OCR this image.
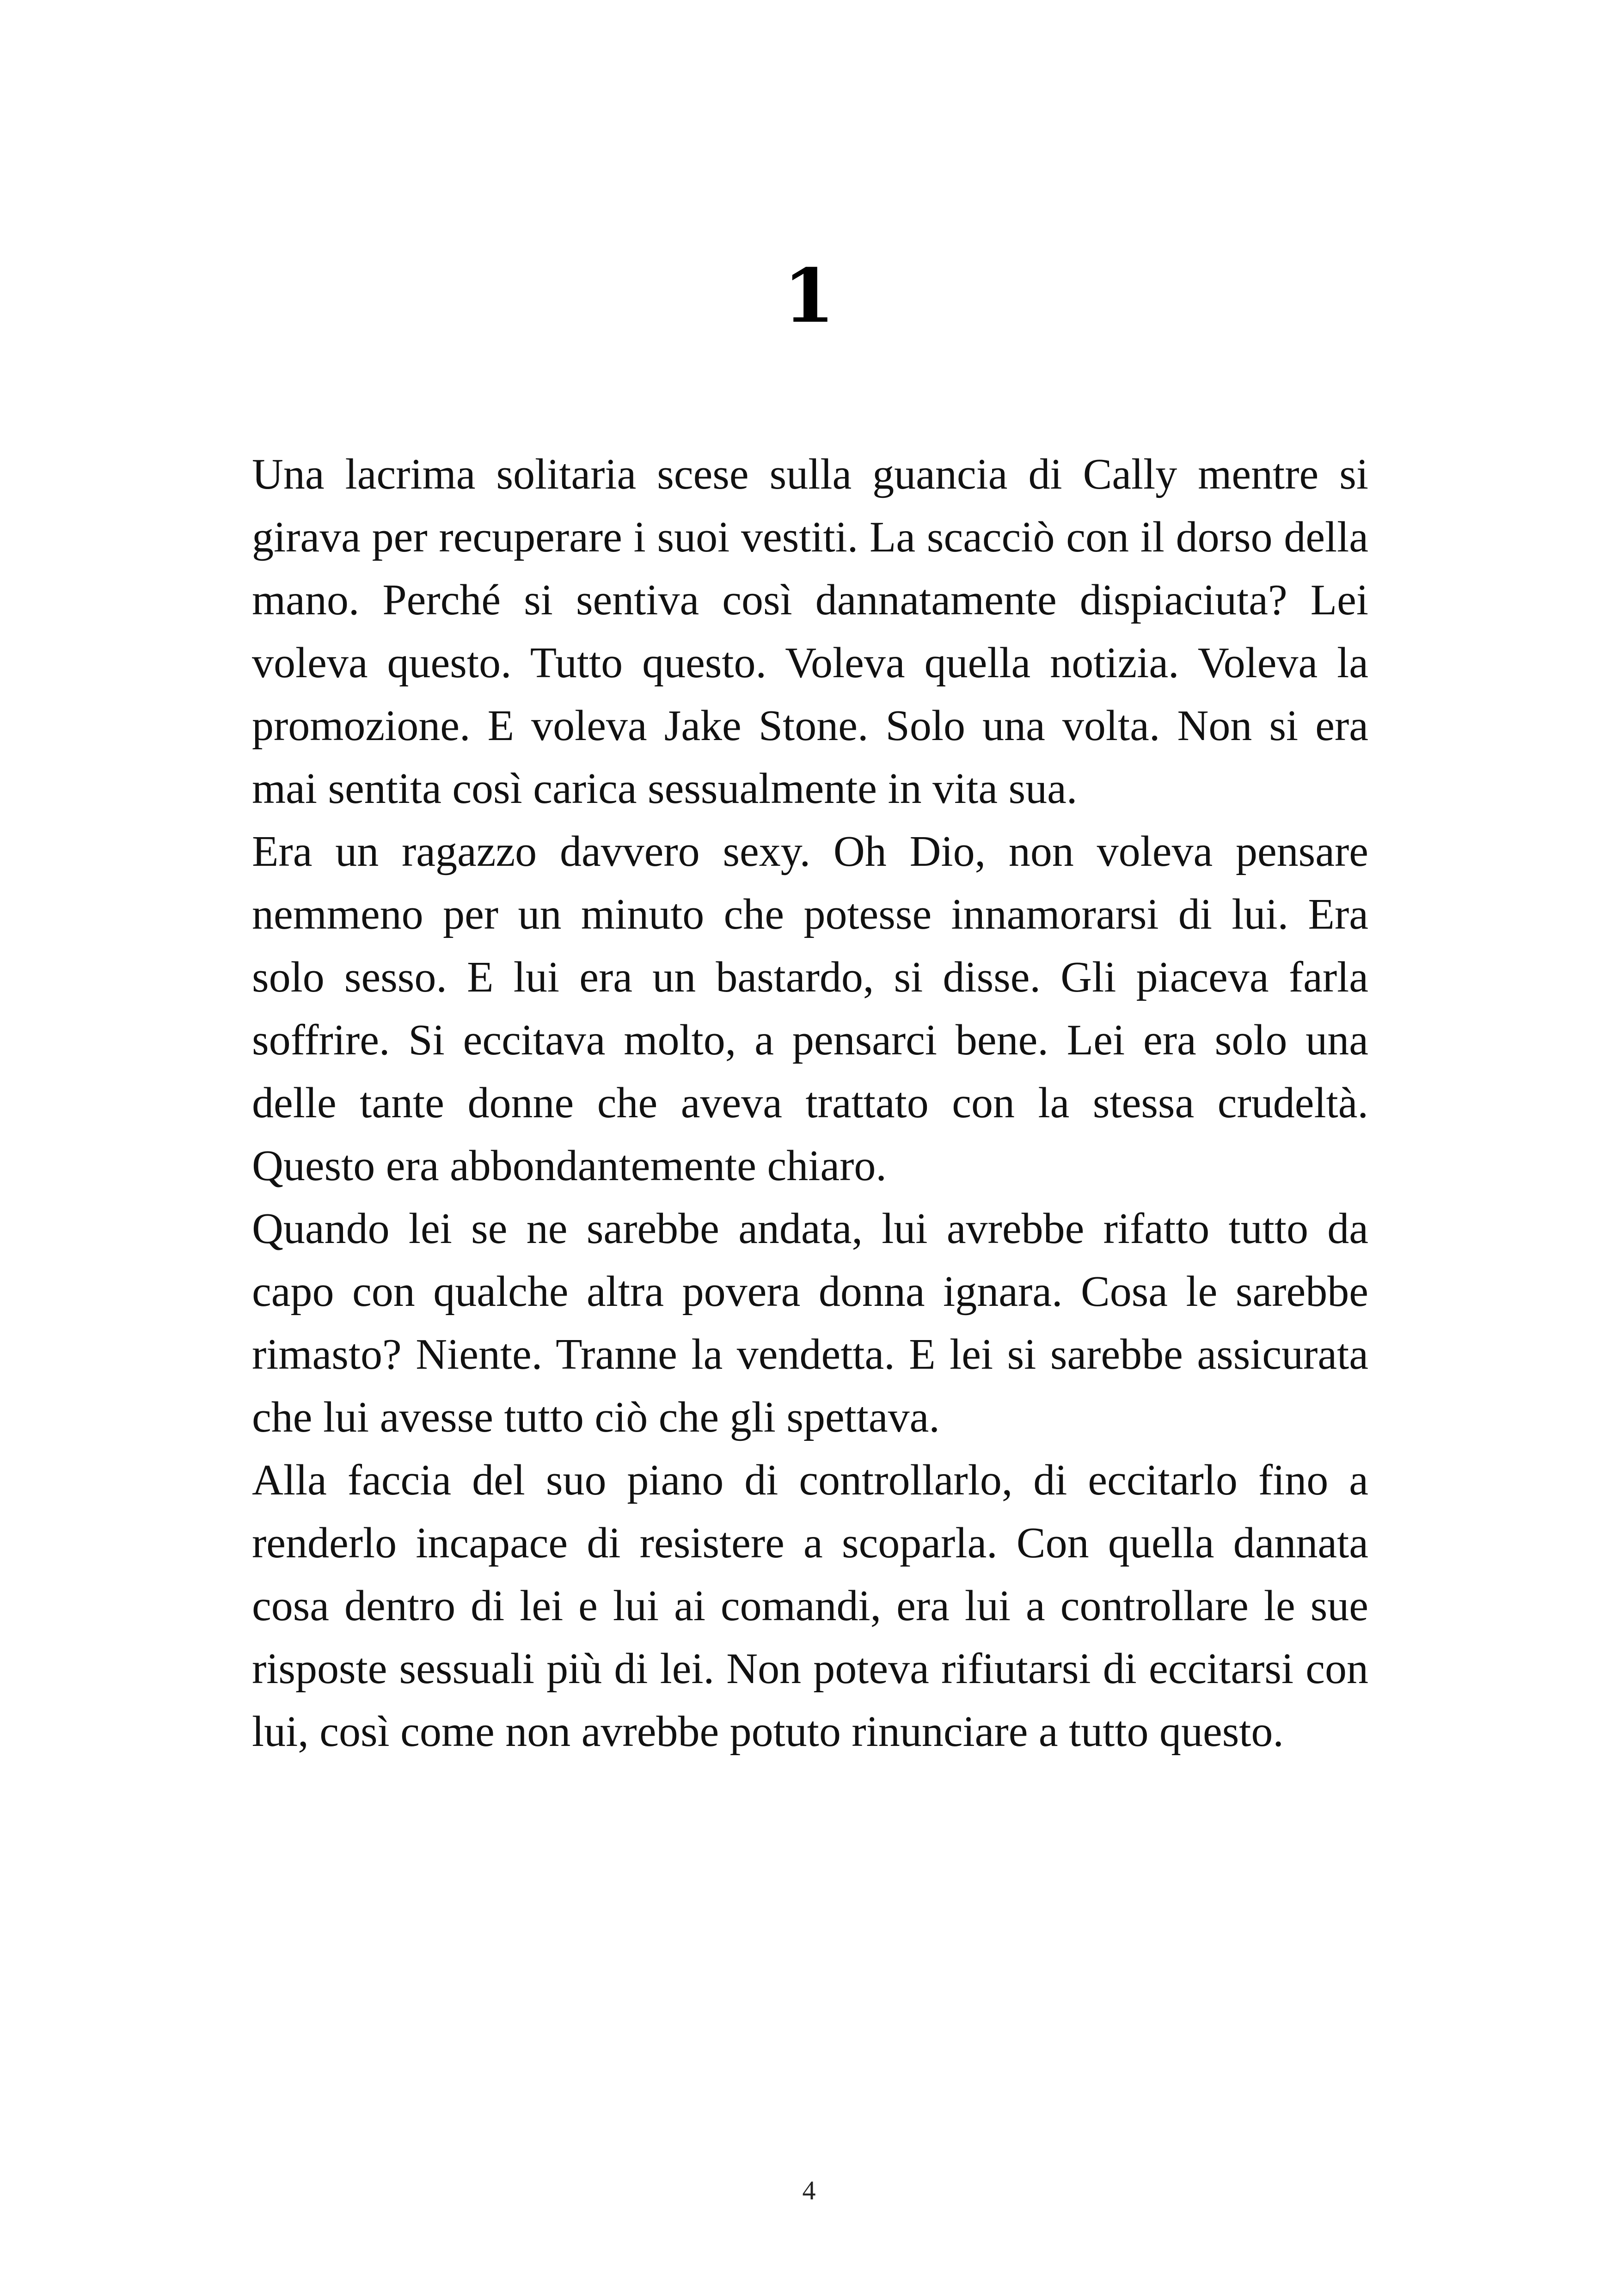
1

Una lacrima solitaria scese sulla guancia di Cally mentre si girava per recuperare i suoi vestiti. La scacciò con il dorso della mano. Perché si sentiva così dannatamente dispiaciuta? Lei voleva questo. Tutto questo. Voleva quella notizia. Voleva la promozione. E voleva Jake Stone. Solo una volta. Non si era mai sentita così carica sessualmente in vita sua.

Era un ragazzo davvero sexy. Oh Dio, non voleva pensare nemmeno per un minuto che potesse innamorarsi di lui. Era solo sesso. E lui era un bastardo, si disse. Gli piaceva farla soffrire. Si eccitava molto, a pensarci bene. Lei era solo una delle tante donne che aveva trattato con la stessa crudeltà. Questo era abbondantemente chiaro.

Quando lei se ne sarebbe andata, lui avrebbe rifatto tutto da capo con qualche altra povera donna ignara. Cosa le sarebbe rimasto? Niente. Tranne la vendetta. E lei si sarebbe assicurata che lui avesse tutto ciò che gli spettava.

Alla faccia del suo piano di controllarlo, di eccitarlo fino a renderlo incapace di resistere a scoparla. Con quella dannata cosa dentro di lei e lui ai comandi, era lui a controllare le sue risposte sessuali più di lei. Non poteva rifiutarsi di eccitarsi con lui, così come non avrebbe potuto rinunciare a tutto questo.

4
